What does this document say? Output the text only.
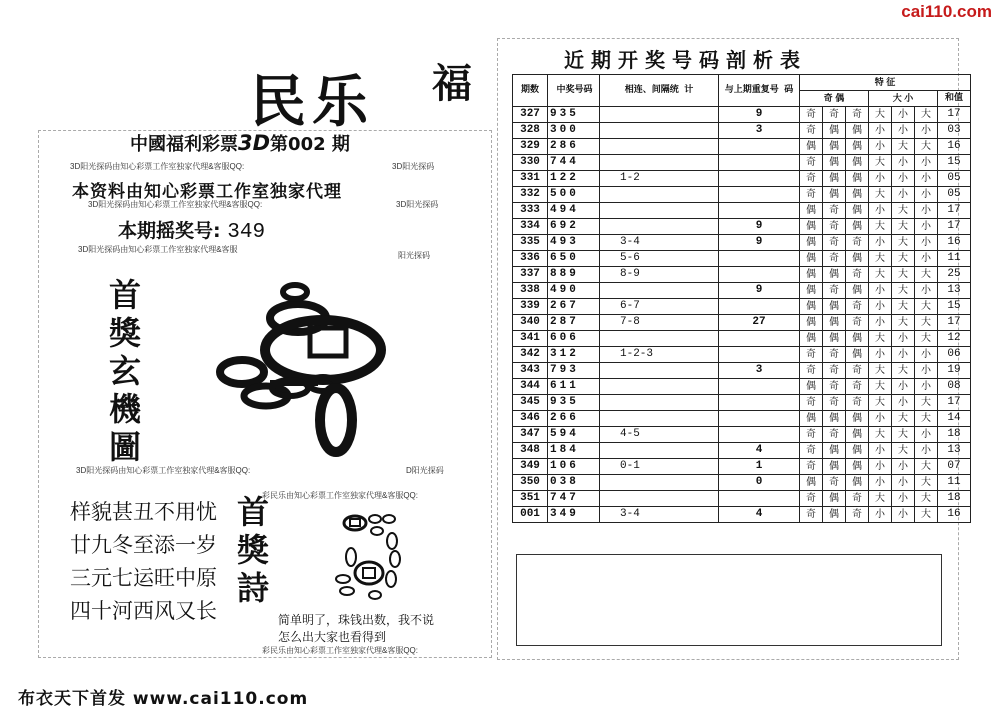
cai110.com
民乐 福
中國福利彩票3D第002 期
3D阳光探码由知心彩票工作室独家代理&客服QQ:	3D阳光探码
本资料由知心彩票工作室独家代理
3D阳光探码由知心彩票工作室独家代理&客服QQ:	3D阳光探码
本期摇奖号: 349
3D阳光探码由知心彩票工作室独家代理&客服
阳光探码
首獎玄機圖
3D阳光探码由知心彩票工作室独家代理&客服QQ:	D阳光探码
样貌甚丑不用忧
廿九冬至添一岁
三元七运旺中原
四十河西风又长
首獎詩
彩民乐由知心彩票工作室独家代理&客服QQ:
简单明了，珠钱出数，我不说
怎么出大家也看得到
彩民乐由知心彩票工作室独家代理&客服QQ:
布衣天下首发 www.cai110.com
近期开奖号码剖析表
期数	中奖号码	相连、间隔统 计	与上期重复号 码	特 征						
				奇 偶			大 小			和值
327	935		9	奇	奇	奇	大	小	大	17
328	300		3	奇	偶	偶	小	小	小	03
329	286			偶	偶	偶	小	大	大	16
330	744			奇	偶	偶	大	小	小	15
331	122	1-2		奇	偶	偶	小	小	小	05
332	500			奇	偶	偶	大	小	小	05
333	494			偶	奇	偶	小	大	小	17
334	692		9	偶	奇	偶	大	大	小	17
335	493	3-4	9	偶	奇	奇	小	大	小	16
336	650	5-6		偶	奇	偶	大	大	小	11
337	889	8-9		偶	偶	奇	大	大	大	25
338	490		9	偶	奇	偶	小	大	小	13
339	267	6-7		偶	偶	奇	小	大	大	15
340	287	7-8	27	偶	偶	奇	小	大	大	17
341	606			偶	偶	偶	大	小	大	12
342	312	1-2-3		奇	奇	偶	小	小	小	06
343	793		3	奇	奇	奇	大	大	小	19
344	611			偶	奇	奇	大	小	小	08
345	935			奇	奇	奇	大	小	大	17
346	266			偶	偶	偶	小	大	大	14
347	594	4-5		奇	奇	偶	大	大	小	18
348	184		4	奇	偶	偶	小	大	小	13
349	106	0-1	1	奇	偶	偶	小	小	大	07
350	038		0	偶	奇	偶	小	小	大	11
351	747			奇	偶	奇	大	小	大	18
001	349	3-4	4	奇	偶	奇	小	小	大	16
